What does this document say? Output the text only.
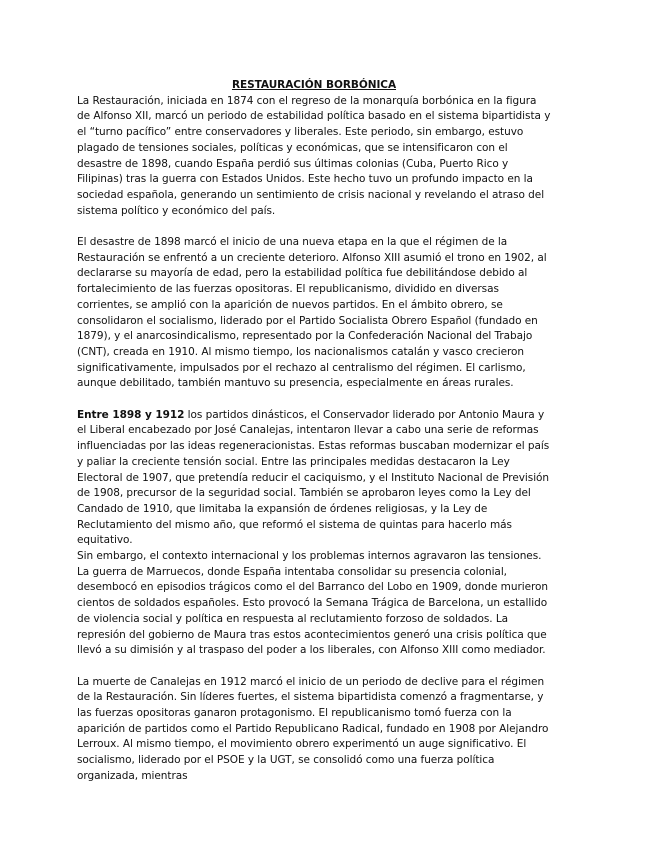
RESTAURACIÓN BORBÓNICA

La Restauración, iniciada en 1874 con el regreso de la monarquía borbónica en la figura de Alfonso XII, marcó un periodo de estabilidad política basado en el sistema bipartidista y el “turno pacífico” entre conservadores y liberales. Este periodo, sin embargo, estuvo plagado de tensiones sociales, políticas y económicas, que se intensificaron con el desastre de 1898, cuando España perdió sus últimas colonias (Cuba, Puerto Rico y Filipinas) tras la guerra con Estados Unidos. Este hecho tuvo un profundo impacto en la sociedad española, generando un sentimiento de crisis nacional y revelando el atraso del sistema político y económico del país.

El desastre de 1898 marcó el inicio de una nueva etapa en la que el régimen de la Restauración se enfrentó a un creciente deterioro. Alfonso XIII asumió el trono en 1902, al declararse su mayoría de edad, pero la estabilidad política fue debilitándose debido al fortalecimiento de las fuerzas opositoras. El republicanismo, dividido en diversas corrientes, se amplió con la aparición de nuevos partidos. En el ámbito obrero, se consolidaron el socialismo, liderado por el Partido Socialista Obrero Español (fundado en 1879), y el anarcosindicalismo, representado por la Confederación Nacional del Trabajo (CNT), creada en 1910. Al mismo tiempo, los nacionalismos catalán y vasco crecieron significativamente, impulsados por el rechazo al centralismo del régimen. El carlismo, aunque debilitado, también mantuvo su presencia, especialmente en áreas rurales.

Entre 1898 y 1912 los partidos dinásticos, el Conservador liderado por Antonio Maura y el Liberal encabezado por José Canalejas, intentaron llevar a cabo una serie de reformas influenciadas por las ideas regeneracionistas. Estas reformas buscaban modernizar el país y paliar la creciente tensión social. Entre las principales medidas destacaron la Ley Electoral de 1907, que pretendía reducir el caciquismo, y el Instituto Nacional de Previsión de 1908, precursor de la seguridad social. También se aprobaron leyes como la Ley del Candado de 1910, que limitaba la expansión de órdenes religiosas, y la Ley de Reclutamiento del mismo año, que reformó el sistema de quintas para hacerlo más equitativo.

Sin embargo, el contexto internacional y los problemas internos agravaron las tensiones. La guerra de Marruecos, donde España intentaba consolidar su presencia colonial, desembocó en episodios trágicos como el del Barranco del Lobo en 1909, donde murieron cientos de soldados españoles. Esto provocó la Semana Trágica de Barcelona, un estallido de violencia social y política en respuesta al reclutamiento forzoso de soldados. La represión del gobierno de Maura tras estos acontecimientos generó una crisis política que llevó a su dimisión y al traspaso del poder a los liberales, con Alfonso XIII como mediador.

La muerte de Canalejas en 1912 marcó el inicio de un periodo de declive para el régimen de la Restauración. Sin líderes fuertes, el sistema bipartidista comenzó a fragmentarse, y las fuerzas opositoras ganaron protagonismo. El republicanismo tomó fuerza con la aparición de partidos como el Partido Republicano Radical, fundado en 1908 por Alejandro Lerroux. Al mismo tiempo, el movimiento obrero experimentó un auge significativo. El socialismo, liderado por el PSOE y la UGT, se consolidó como una fuerza política organizada, mientras
